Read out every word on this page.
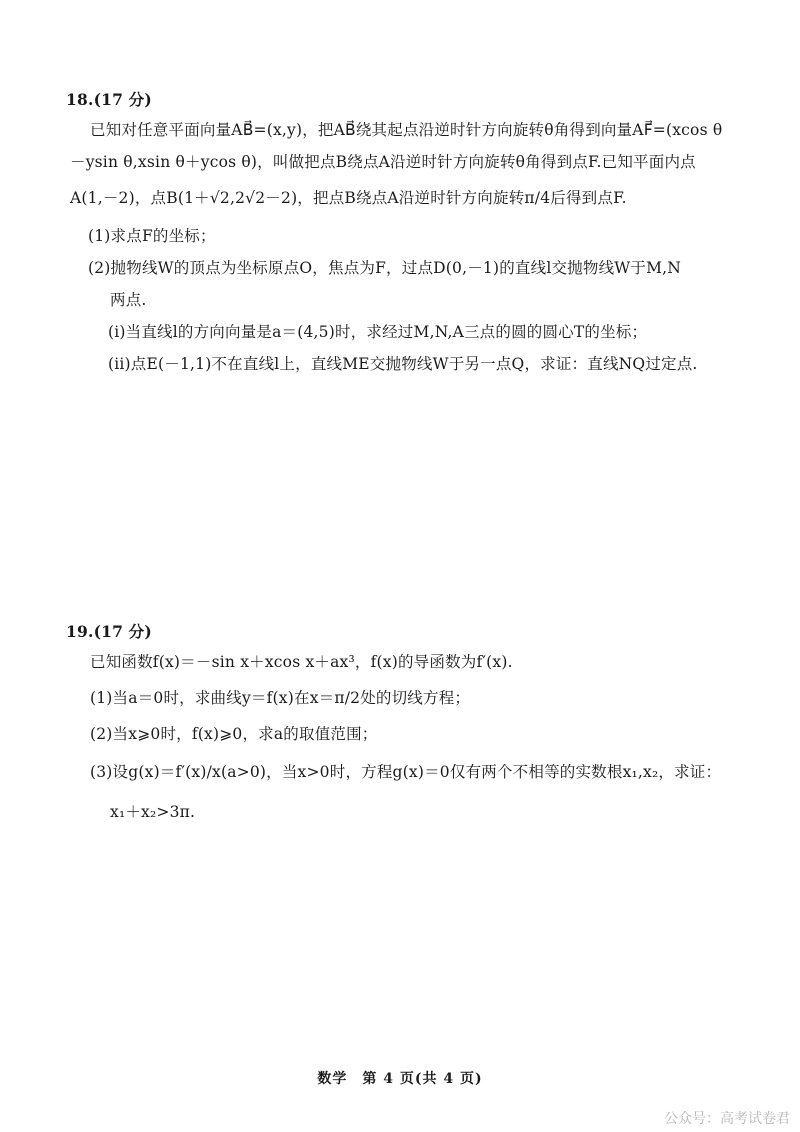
18.(17 分)
已知对任意平面向量AB⃗=(x,y)，把AB⃗绕其起点沿逆时针方向旋转θ角得到向量AF⃗=(xcos θ
－ysin θ,xsin θ＋ycos θ)，叫做把点B绕点A沿逆时针方向旋转θ角得到点F.已知平面内点
A(1,－2)，点B(1＋√2,2√2－2)，把点B绕点A沿逆时针方向旋转π/4后得到点F.
(1)求点F的坐标；
(2)抛物线W的顶点为坐标原点O，焦点为F，过点D(0,－1)的直线l交抛物线W于M,N
两点.
(i)当直线l的方向向量是a＝(4,5)时，求经过M,N,A三点的圆的圆心T的坐标；
(ii)点E(－1,1)不在直线l上，直线ME交抛物线W于另一点Q，求证：直线NQ过定点.
19.(17 分)
已知函数f(x)＝－sin x＋xcos x＋ax³，f(x)的导函数为f′(x).
(1)当a＝0时，求曲线y＝f(x)在x＝π/2处的切线方程；
(2)当x⩾0时，f(x)⩾0，求a的取值范围；
(3)设g(x)＝f′(x)/x(a>0)，当x>0时，方程g(x)＝0仅有两个不相等的实数根x₁,x₂，求证：
x₁＋x₂>3π.
数学　第 4 页(共 4 页)
公众号：高考试卷君
